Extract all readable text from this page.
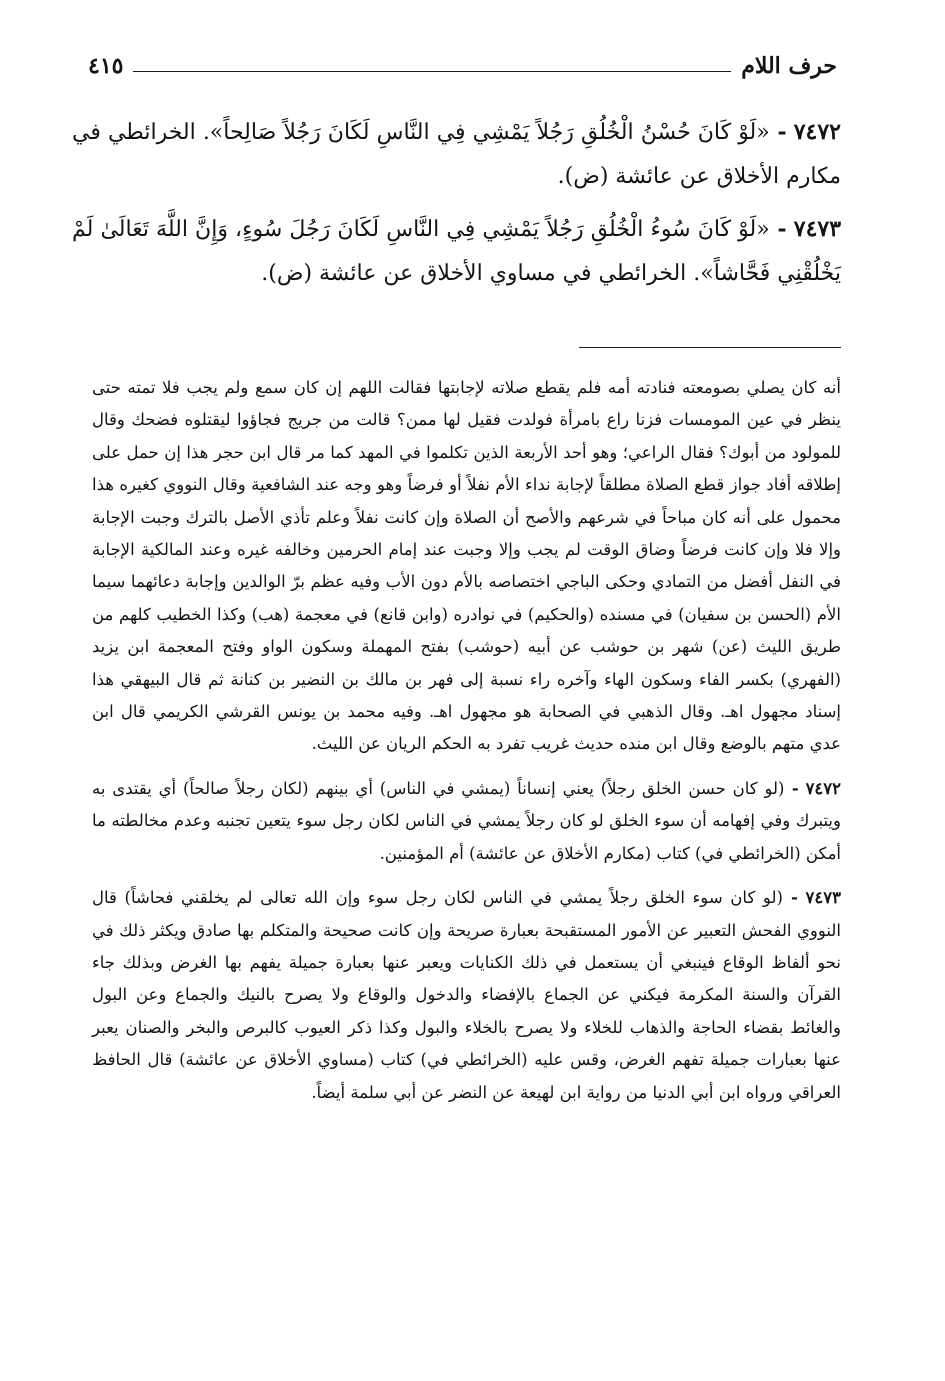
حرف اللام
٤١٥

٧٤٧٢ - «لَوْ كَانَ حُسْنُ الْخُلُقِ رَجُلاً يَمْشِي فِي النَّاسِ لَكَانَ رَجُلاً صَالِحاً». الخرائطي في مكارم الأخلاق عن عائشة (ض).

٧٤٧٣ - «لَوْ كَانَ سُوءُ الْخُلُقِ رَجُلاً يَمْشِي فِي النَّاسِ لَكَانَ رَجُلَ سُوءٍ، وَإِنَّ اللَّهَ تَعَالَىٰ لَمْ يَخْلُقْنِي فَحَّاشاً». الخرائطي في مساوي الأخلاق عن عائشة (ض).

أنه كان يصلي بصومعته فنادته أمه فلم يقطع صلاته لإجابتها فقالت اللهم إن كان سمع ولم يجب فلا تمته حتى ينظر في عين المومسات فزنا راع بامرأة فولدت فقيل لها ممن؟ قالت من جريج فجاؤوا ليقتلوه فضحك وقال للمولود من أبوك؟ فقال الراعي؛ وهو أحد الأربعة الذين تكلموا في المهد كما مر قال ابن حجر هذا إن حمل على إطلاقه أفاد جواز قطع الصلاة مطلقاً لإجابة نداء الأم نفلاً أو فرضاً وهو وجه عند الشافعية وقال النووي كغيره هذا محمول على أنه كان مباحاً في شرعهم والأصح أن الصلاة وإن كانت نفلاً وعلم تأذي الأصل بالترك وجبت الإجابة وإلا فلا وإن كانت فرضاً وضاق الوقت لم يجب وإلا وجبت عند إمام الحرمين وخالفه غيره وعند المالكية الإجابة في النفل أفضل من التمادي وحكى الباجي اختصاصه بالأم دون الأب وفيه عظم برّ الوالدين وإجابة دعائهما سيما الأم (الحسن بن سفيان) في مسنده (والحكيم) في نوادره (وابن قانع) في معجمة (هب) وكذا الخطيب كلهم من طريق الليث (عن) شهر بن حوشب عن أبيه (حوشب) بفتح المهملة وسكون الواو وفتح المعجمة ابن يزيد (الفهري) بكسر الفاء وسكون الهاء وآخره راء نسبة إلى فهر بن مالك بن النضير بن كنانة ثم قال البيهقي هذا إسناد مجهول اهـ. وقال الذهبي في الصحابة هو مجهول اهـ. وفيه محمد بن يونس القرشي الكريمي قال ابن عدي متهم بالوضع وقال ابن منده حديث غريب تفرد به الحكم الريان عن الليث.

٧٤٧٢ - (لو كان حسن الخلق رجلاً) يعني إنساناً (يمشي في الناس) أي بينهم (لكان رجلاً صالحاً) أي يقتدى به ويتبرك وفي إفهامه أن سوء الخلق لو كان رجلاً يمشي في الناس لكان رجل سوء يتعين تجنبه وعدم مخالطته ما أمكن (الخرائطي في) كتاب (مكارم الأخلاق عن عائشة) أم المؤمنين.

٧٤٧٣ - (لو كان سوء الخلق رجلاً يمشي في الناس لكان رجل سوء وإن الله تعالى لم يخلقني فحاشاً) قال النووي الفحش التعبير عن الأمور المستقبحة بعبارة صريحة وإن كانت صحيحة والمتكلم بها صادق ويكثر ذلك في نحو ألفاظ الوقاع فينبغي أن يستعمل في ذلك الكنايات ويعبر عنها بعبارة جميلة يفهم بها الغرض وبذلك جاء القرآن والسنة المكرمة فيكني عن الجماع بالإفضاء والدخول والوقاع ولا يصرح بالنيك والجماع وعن البول والغائط بقضاء الحاجة والذهاب للخلاء ولا يصرح بالخلاء والبول وكذا ذكر العيوب كالبرص والبخر والصنان يعبر عنها بعبارات جميلة تفهم الغرض، وقس عليه (الخرائطي في) كتاب (مساوي الأخلاق عن عائشة) قال الحافظ العراقي ورواه ابن أبي الدنيا من رواية ابن لهيعة عن النضر عن أبي سلمة أيضاً.
